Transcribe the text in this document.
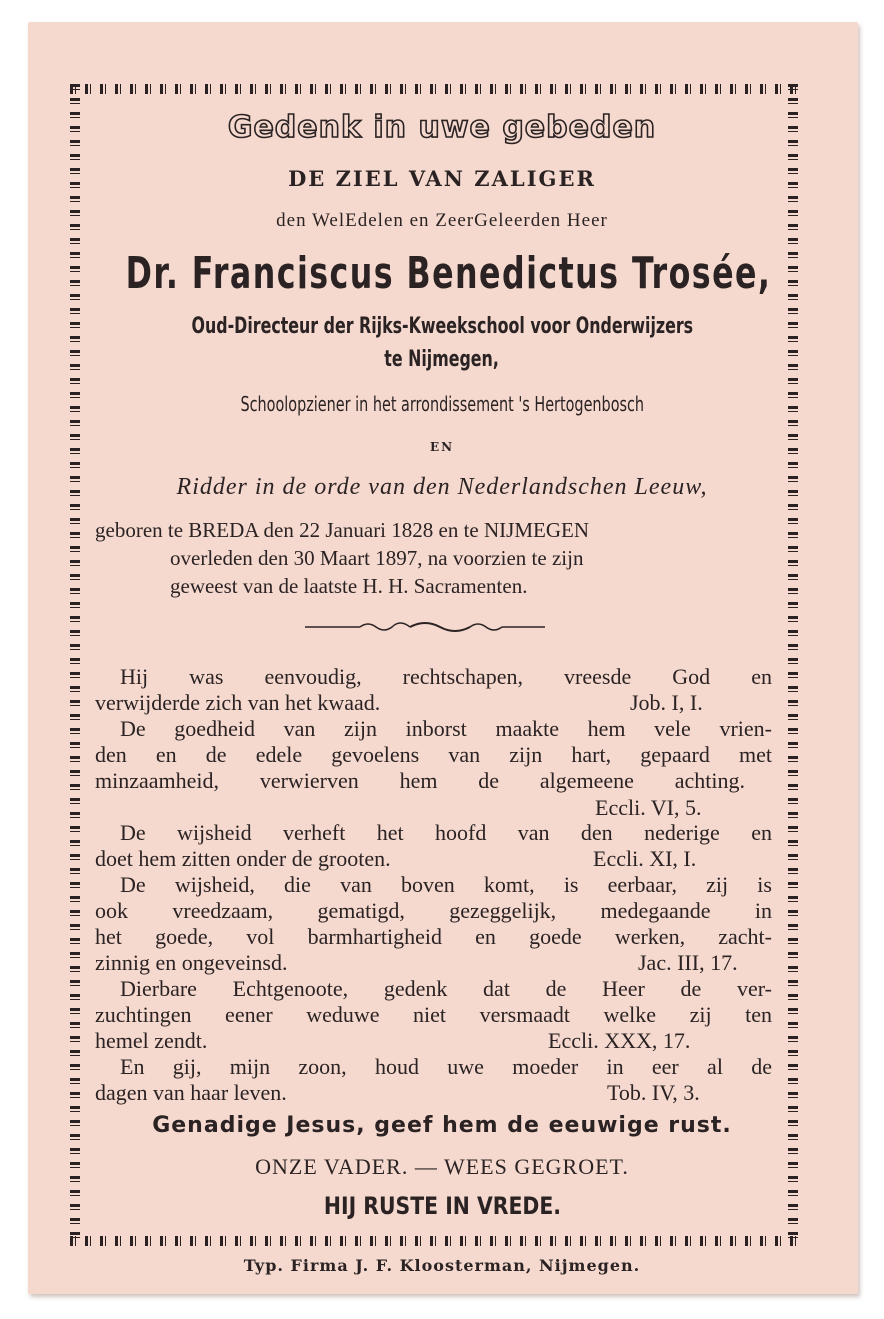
Gedenk in uwe gebeden
DE ZIEL VAN ZALIGER
den WelEdelen en ZeerGeleerden Heer
Dr. Franciscus Benedictus Trosée,
Oud-Directeur der Rijks-Kweekschool voor Onderwijzers
te Nijmegen,
Schoolopziener in het arrondissement 's Hertogenbosch
EN
Ridder in de orde van den Nederlandschen Leeuw,
geboren te BREDA den 22 Januari 1828 en te NIJMEGEN
overleden den 30 Maart 1897, na voorzien te zijn
geweest van de laatste H. H. Sacramenten.
Hij was eenvoudig, rechtschapen, vreesde God en
verwijderde zich van het kwaad.	Job. I, I.
De goedheid van zijn inborst maakte hem vele vrien-
den en de edele gevoelens van zijn hart, gepaard met
minzaamheid, verwierven hem de algemeene achting.
Eccli. VI, 5.
De wijsheid verheft het hoofd van den nederige en
doet hem zitten onder de grooten.	Eccli. XI, I.
De wijsheid, die van boven komt, is eerbaar, zij is
ook vreedzaam, gematigd, gezeggelijk, medegaande in
het goede, vol barmhartigheid en goede werken, zacht-
zinnig en ongeveinsd.	Jac. III, 17.
Dierbare Echtgenoote, gedenk dat de Heer de ver-
zuchtingen eener weduwe niet versmaadt welke zij ten
hemel zendt.	Eccli. XXX, 17.
En gij, mijn zoon, houd uwe moeder in eer al de
dagen van haar leven.	Tob. IV, 3.
Genadige Jesus, geef hem de eeuwige rust.
ONZE VADER. — WEES GEGROET.
HIJ RUSTE IN VREDE.
Typ. Firma J. F. Kloosterman, Nijmegen.
